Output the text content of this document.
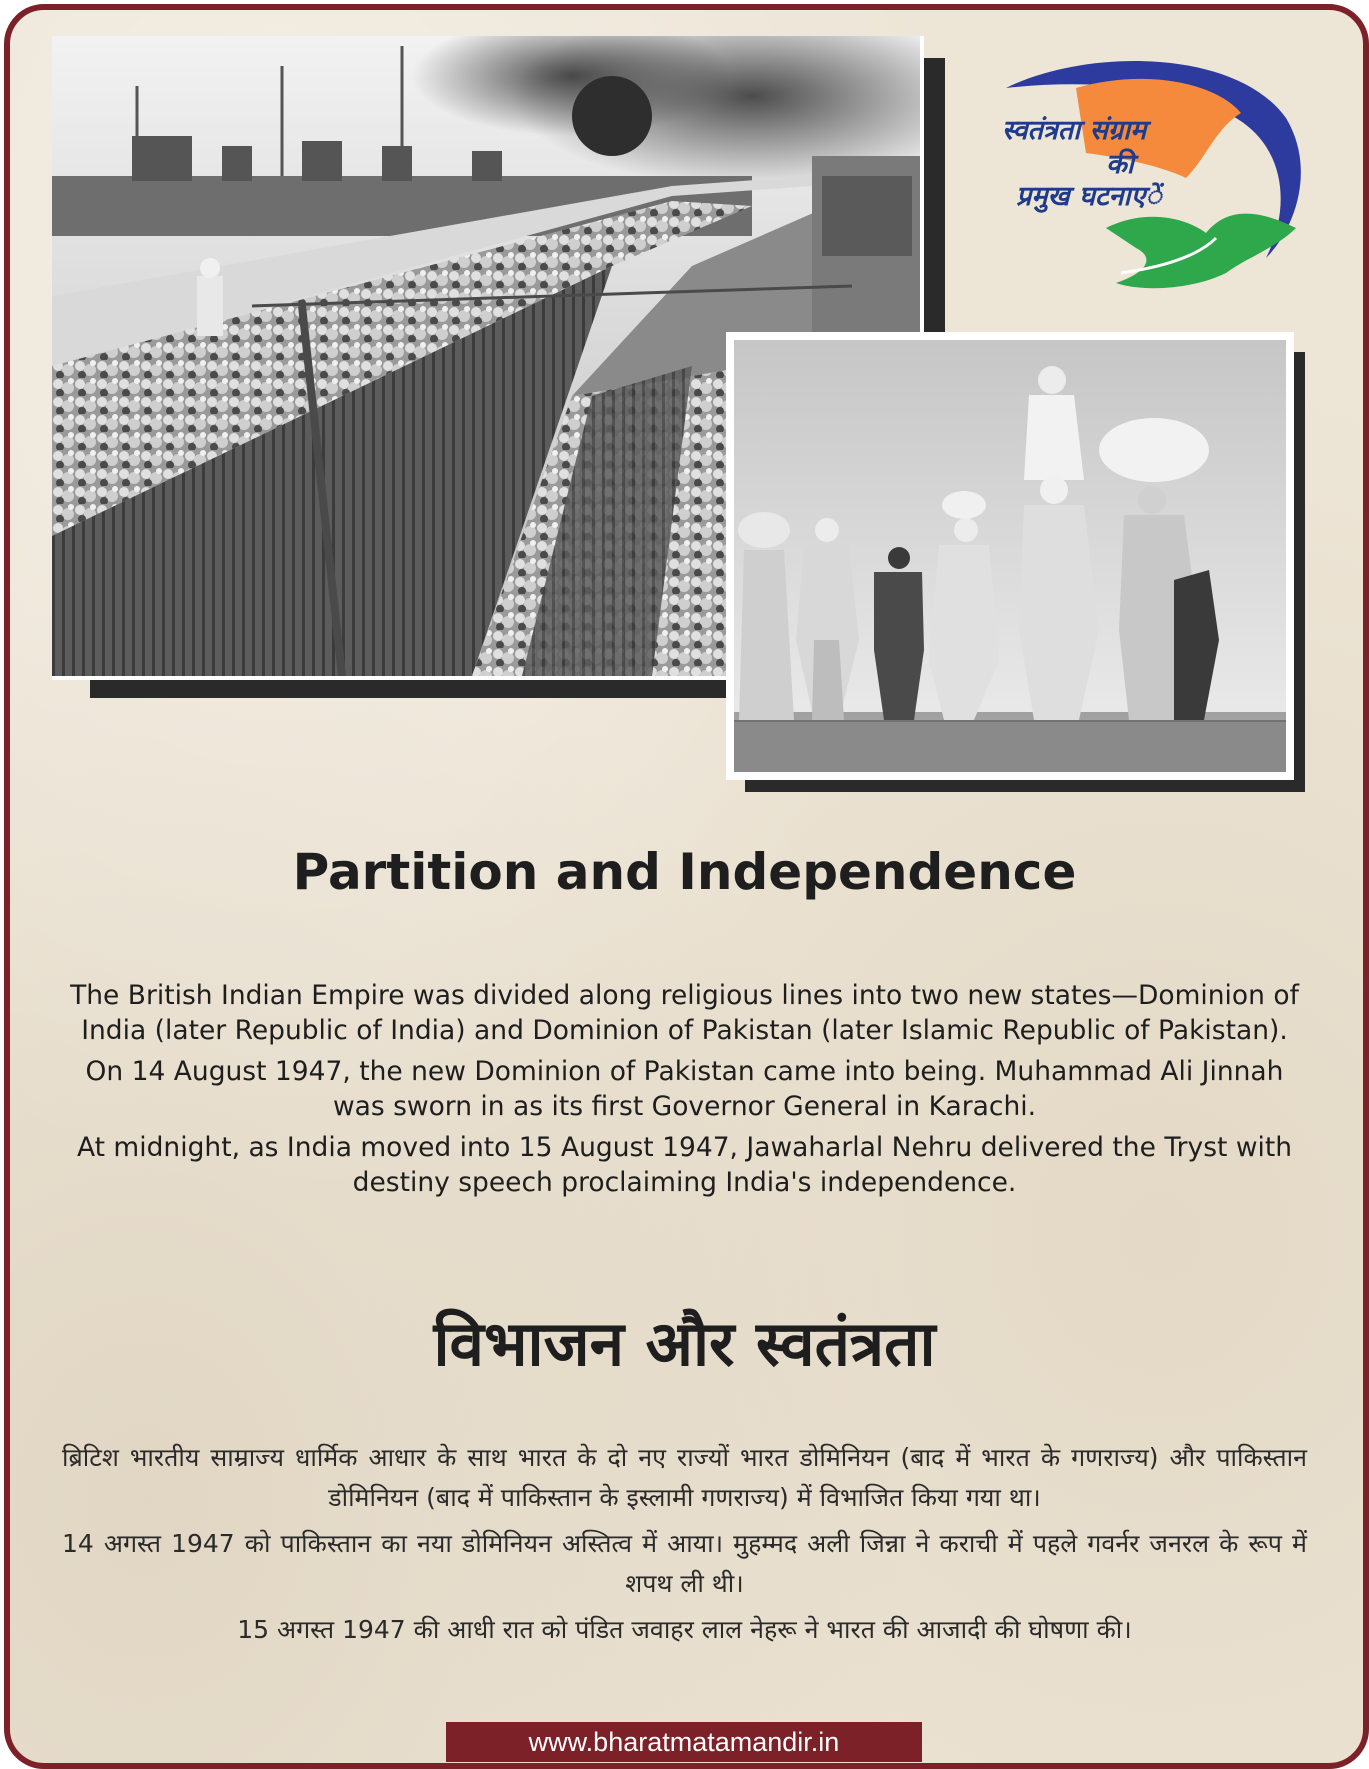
स्वतंत्रता संग्राम
की
प्रमुख घटनाएें
Partition and Independence

The British Indian Empire was divided along religious lines into two new states—Dominion of India (later Republic of India) and Dominion of Pakistan (later Islamic Republic of Pakistan).

On 14 August 1947, the new Dominion of Pakistan came into being. Muhammad Ali Jinnah was sworn in as its first Governor General in Karachi.

At midnight, as India moved into 15 August 1947, Jawaharlal Nehru delivered the Tryst with destiny speech proclaiming India's independence.

विभाजन और स्वतंत्रता

ब्रिटिश भारतीय साम्राज्य धार्मिक आधार के साथ भारत के दो नए राज्यों भारत डोमिनियन (बाद में भारत के गणराज्य) और पाकिस्तान डोमिनियन (बाद में पाकिस्तान के इस्लामी गणराज्य) में विभाजित किया गया था।

14 अगस्त 1947 को पाकिस्तान का नया डोमिनियन अस्तित्व में आया। मुहम्मद अली जिन्ना ने कराची में पहले गवर्नर जनरल के रूप में शपथ ली थी।

15 अगस्त 1947 की आधी रात को पंडित जवाहर लाल नेहरू ने भारत की आजादी की घोषणा की।

www.bharatmatamandir.in
